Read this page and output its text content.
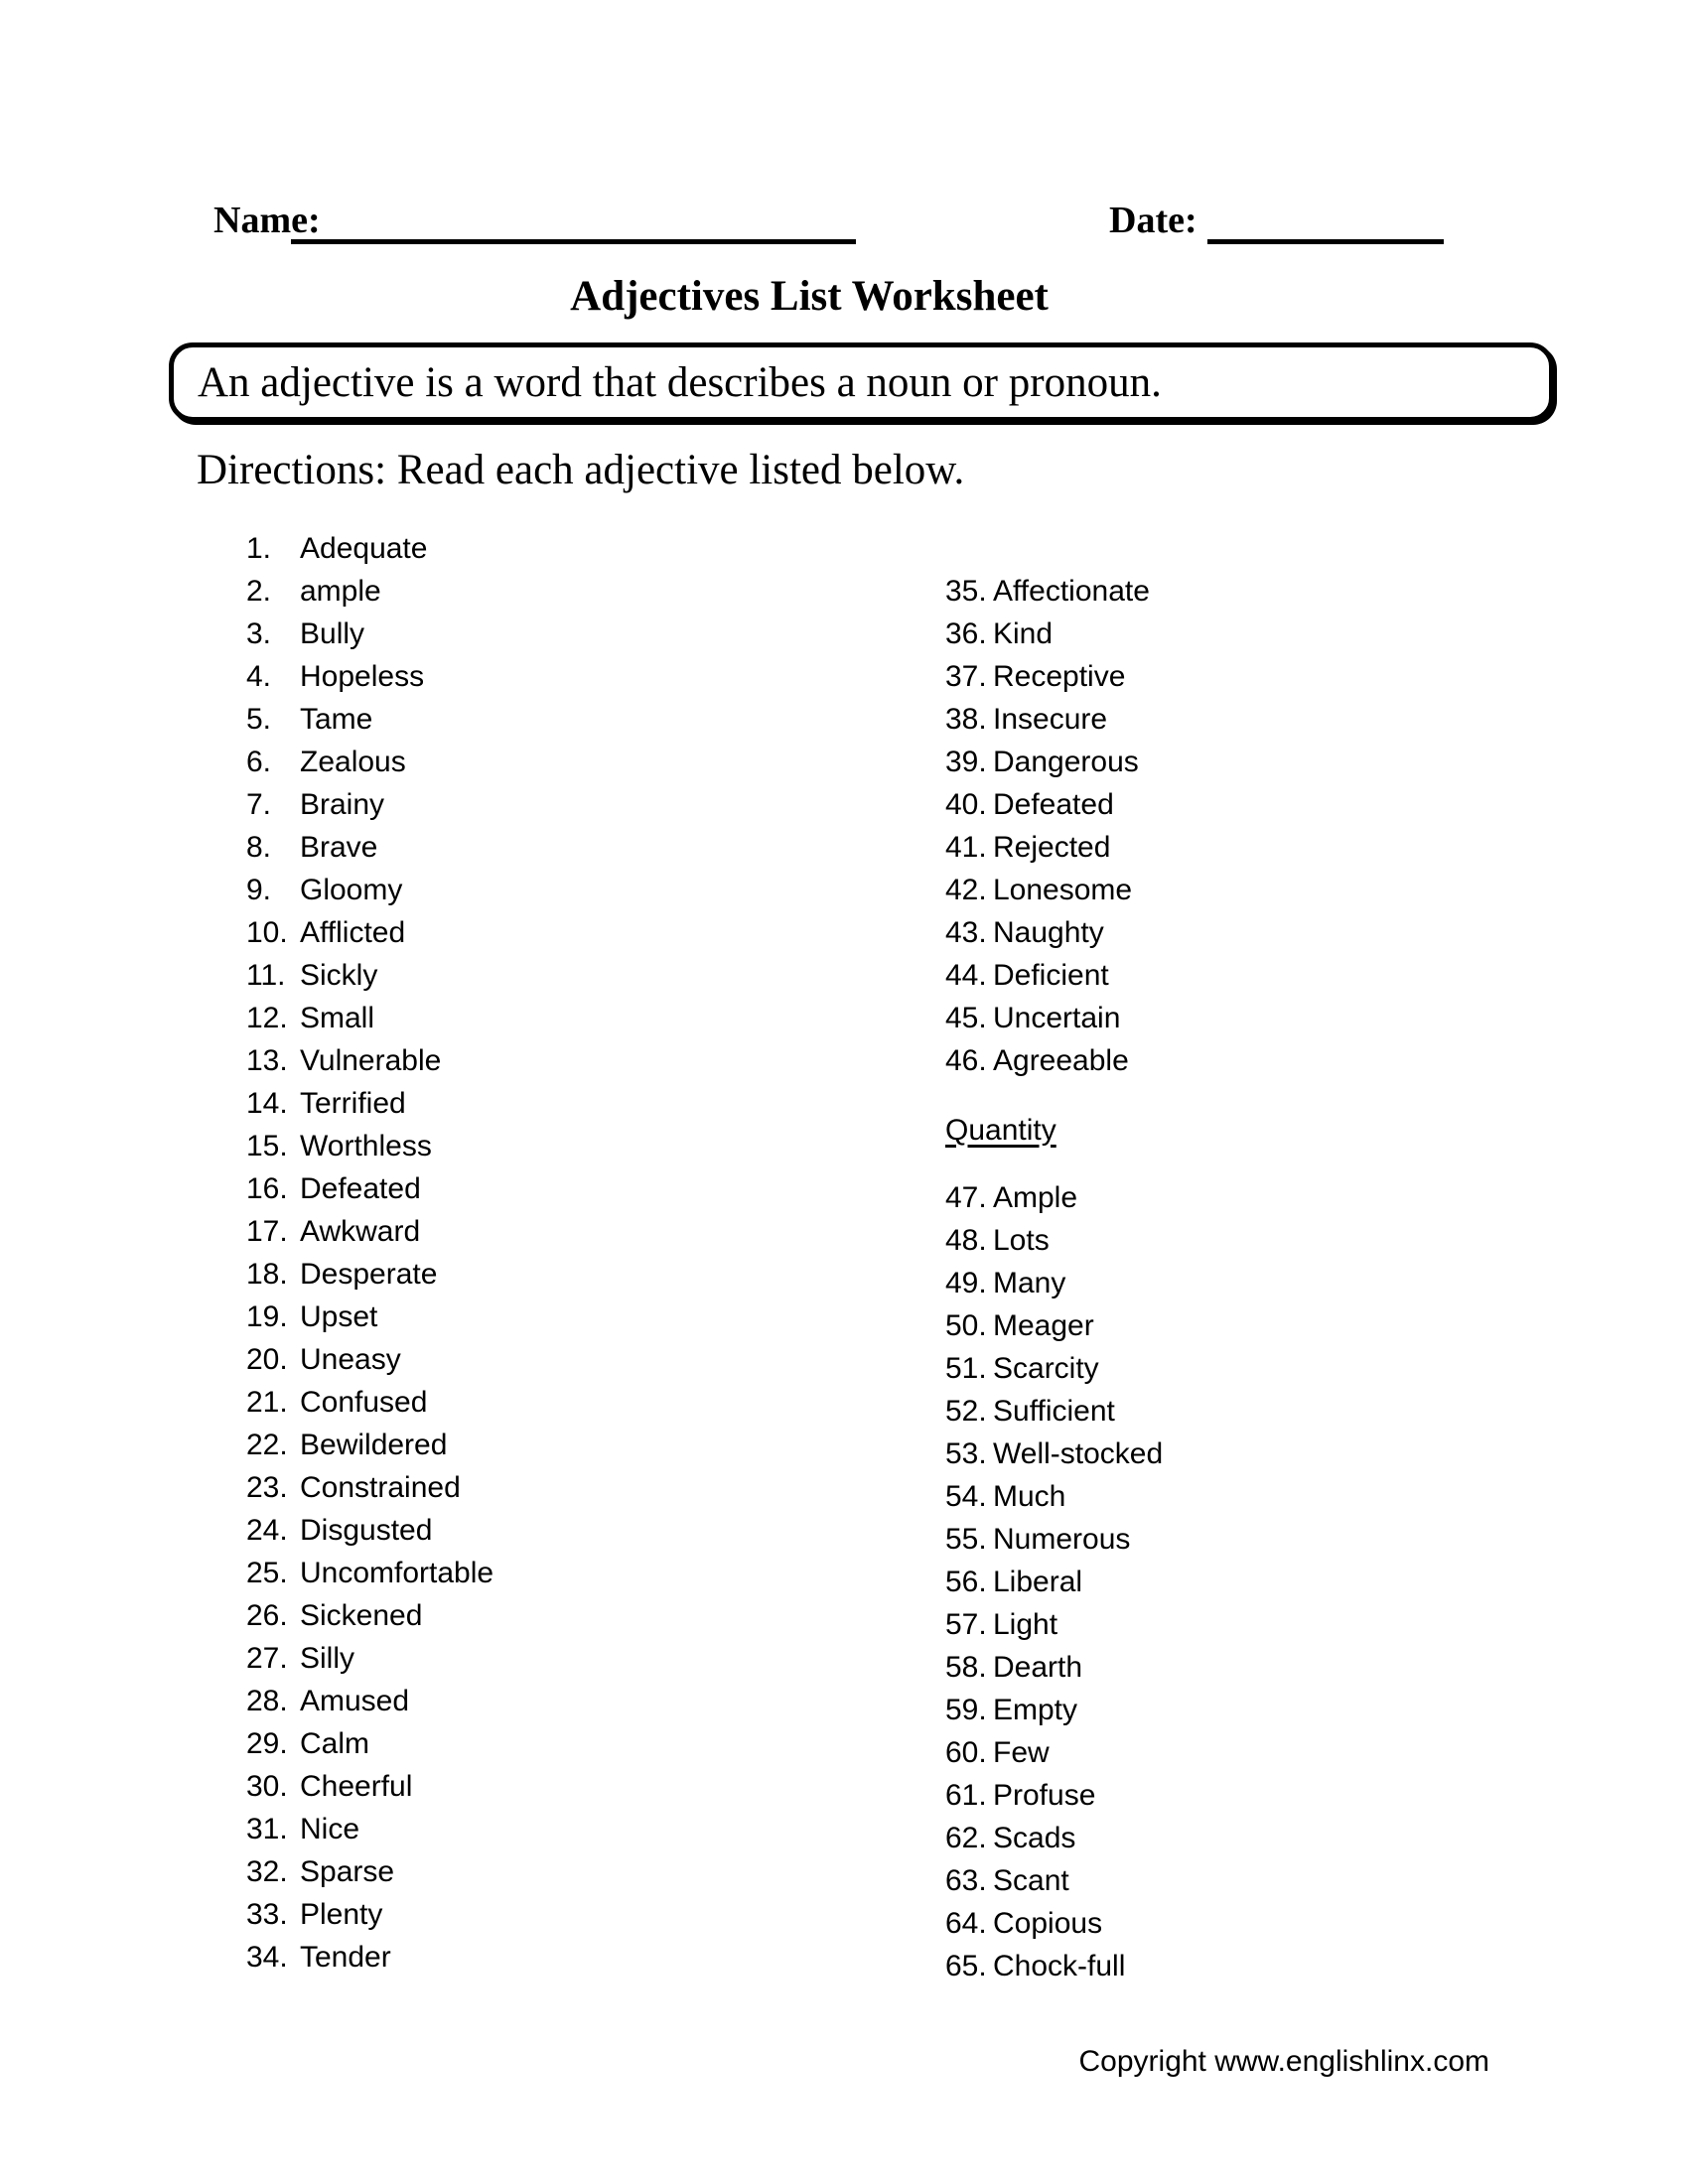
Name:	Date:
Adjectives List Worksheet
An adjective is a word that describes a noun or pronoun.
Directions: Read each adjective listed below.
1. Adequate
2. ample
3. Bully
4. Hopeless
5. Tame
6. Zealous
7. Brainy
8. Brave
9. Gloomy
10. Afflicted
11. Sickly
12. Small
13. Vulnerable
14. Terrified
15. Worthless
16. Defeated
17. Awkward
18. Desperate
19. Upset
20. Uneasy
21. Confused
22. Bewildered
23. Constrained
24. Disgusted
25. Uncomfortable
26. Sickened
27. Silly
28. Amused
29. Calm
30. Cheerful
31. Nice
32. Sparse
33. Plenty
34. Tender
35. Affectionate
36. Kind
37. Receptive
38. Insecure
39. Dangerous
40. Defeated
41. Rejected
42. Lonesome
43. Naughty
44. Deficient
45. Uncertain
46. Agreeable
Quantity
47. Ample
48. Lots
49. Many
50. Meager
51. Scarcity
52. Sufficient
53. Well-stocked
54. Much
55. Numerous
56. Liberal
57. Light
58. Dearth
59. Empty
60. Few
61. Profuse
62. Scads
63. Scant
64. Copious
65. Chock-full
Copyright www.englishlinx.com
